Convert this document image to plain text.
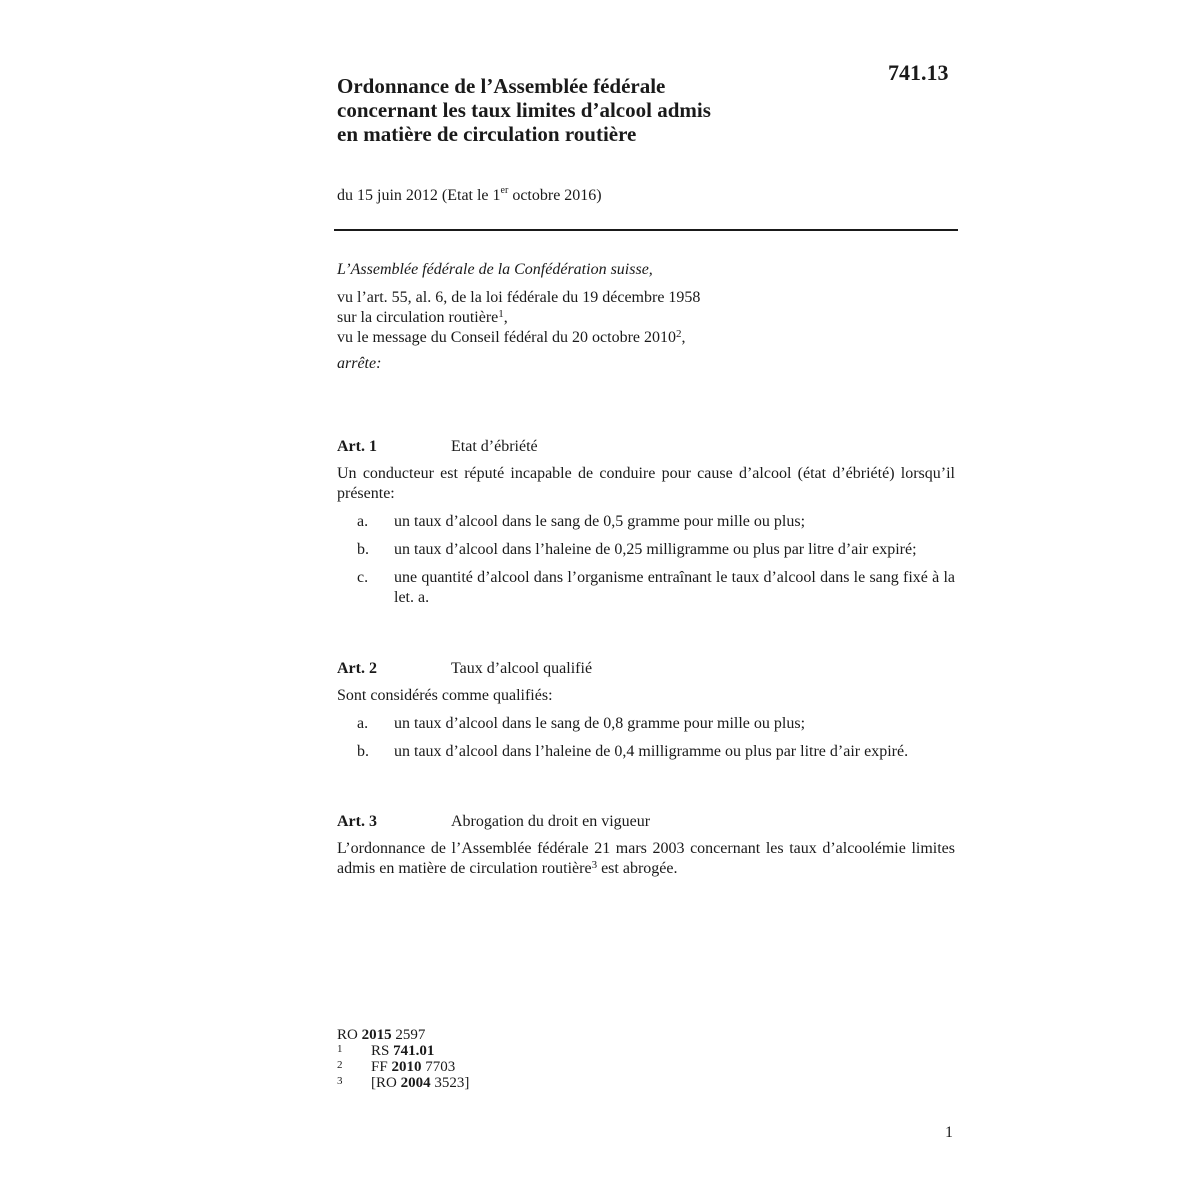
741.13
Ordonnance de l’Assemblée fédérale
concernant les taux limites d’alcool admis
en matière de circulation routière
du 15 juin 2012 (Etat le 1er octobre 2016)
L’Assemblée fédérale de la Confédération suisse,
vu l’art. 55, al. 6, de la loi fédérale du 19 décembre 1958
sur la circulation routière$^1$,
vu le message du Conseil fédéral du 20 octobre 2010$^2$,
arrête:
Art. 1	Etat d’ébriété
Un conducteur est réputé incapable de conduire pour cause d’alcool (état d’ébriété) lorsqu’il présente:
a.	un taux d’alcool dans le sang de 0,5 gramme pour mille ou plus;
b.	un taux d’alcool dans l’haleine de 0,25 milligramme ou plus par litre d’air expiré;
c.	une quantité d’alcool dans l’organisme entraînant le taux d’alcool dans le sang fixé à la let. a.
Art. 2	Taux d’alcool qualifié
Sont considérés comme qualifiés:
a.	un taux d’alcool dans le sang de 0,8 gramme pour mille ou plus;
b.	un taux d’alcool dans l’haleine de 0,4 milligramme ou plus par litre d’air expiré.
Art. 3	Abrogation du droit en vigueur
L’ordonnance de l’Assemblée fédérale 21 mars 2003 concernant les taux d’alcoolémie limites admis en matière de circulation routière$^3$ est abrogée.
RO 2015 2597
1	RS 741.01
2	FF 2010 7703
3	[RO 2004 3523]
1
